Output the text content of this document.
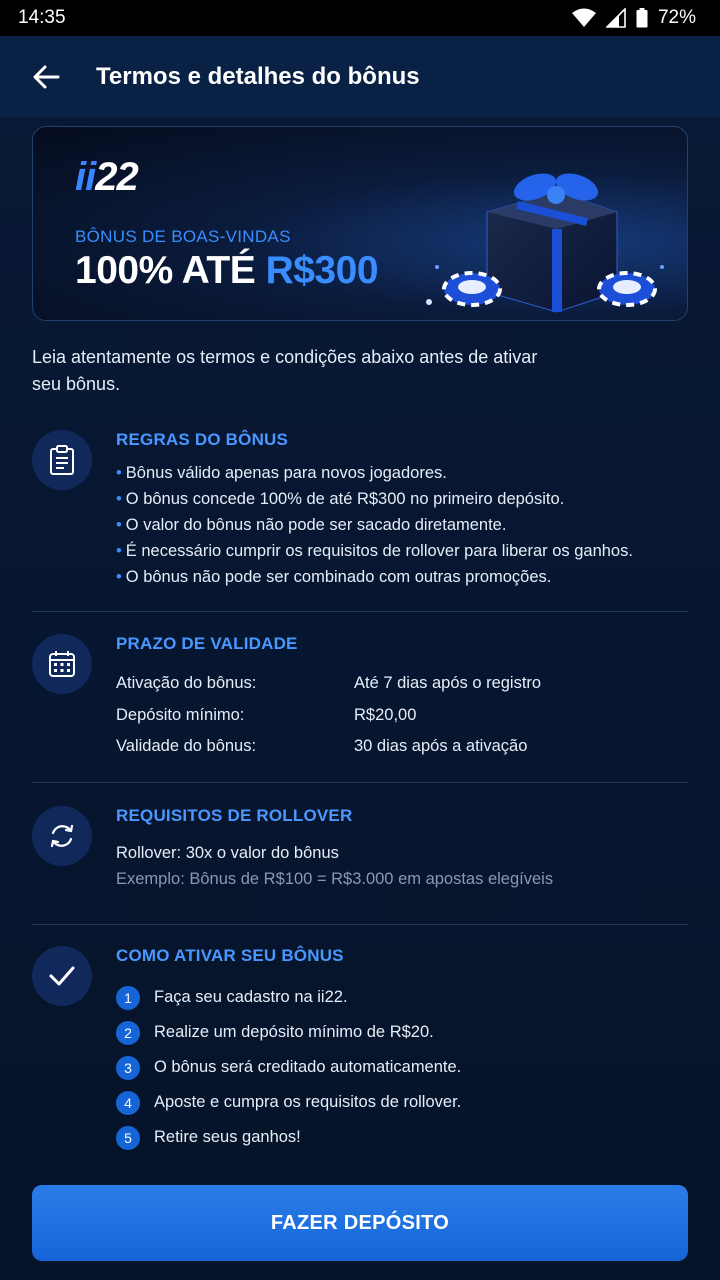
14:35	72%
Termos e detalhes do bônus
ii22
BÔNUS DE BOAS-VINDAS
100% ATÉ R$300

Leia atentamente os termos e condições abaixo antes de ativar seu bônus.

REGRAS DO BÔNUS
• Bônus válido apenas para novos jogadores.
• O bônus concede 100% de até R$300 no primeiro depósito.
• O valor do bônus não pode ser sacado diretamente.
• É necessário cumprir os requisitos de rollover para liberar os ganhos.
• O bônus não pode ser combinado com outras promoções.
PRAZO DE VALIDADE
Ativação do bônus:	Até 7 dias após o registro
Depósito mínimo:	R$20,00
Validade do bônus:	30 dias após a ativação
REQUISITOS DE ROLLOVER
Rollover: 30x o valor do bônus
Exemplo: Bônus de R$100 = R$3.000 em apostas elegíveis
COMO ATIVAR SEU BÔNUS
1	Faça seu cadastro na ii22.
2	Realize um depósito mínimo de R$20.
3	O bônus será creditado automaticamente.
4	Aposte e cumpra os requisitos de rollover.
5	Retire seus ganhos!
FAZER DEPÓSITO
